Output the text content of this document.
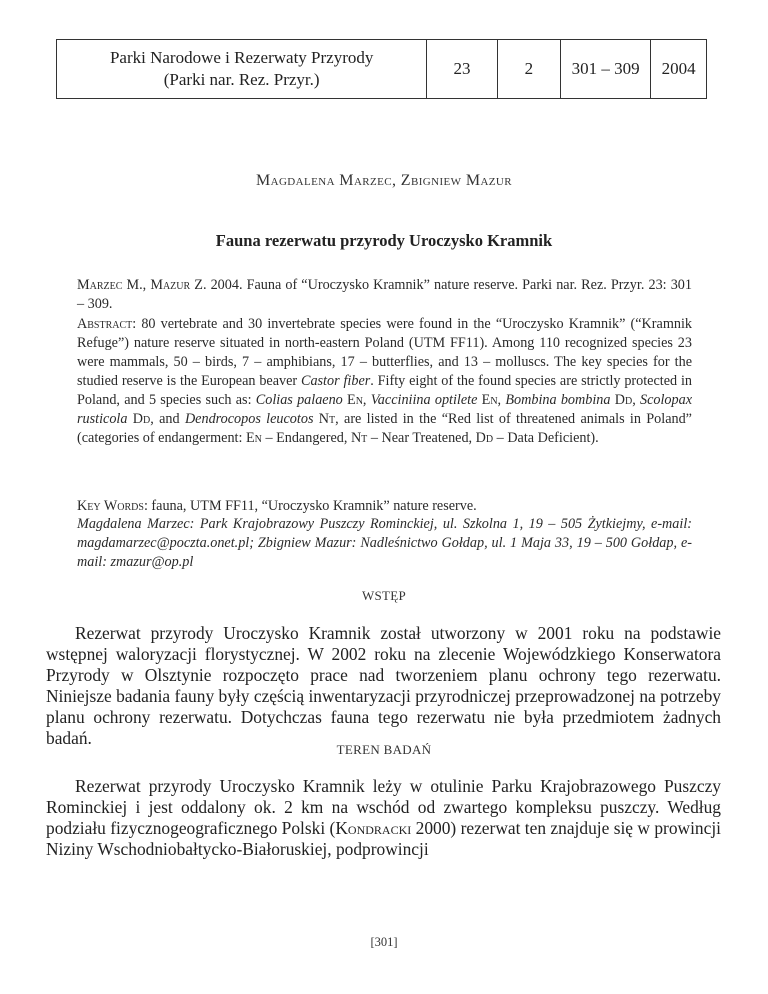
Parki Narodowe i Rezerwaty Przyrody
(Parki nar. Rez. Przyr.)
	23	2	301 – 309	2004
Magdalena Marzec, Zbigniew Mazur
Fauna rezerwatu przyrody Uroczysko Kramnik
Marzec M., Mazur Z. 2004. Fauna of “Uroczysko Kramnik” nature reserve. Parki nar. Rez. Przyr. 23: 301 – 309.
Abstract: 80 vertebrate and 30 invertebrate species were found in the “Uroczysko Kramnik” (“Kramnik Refuge”) nature reserve situated in north-eastern Poland (UTM FF11). Among 110 recognized species 23 were mammals, 50 – birds, 7 – amphibians, 17 – butterflies, and 13 – molluscs. The key species for the studied reserve is the European beaver Castor fiber. Fifty eight of the found species are strictly protected in Poland, and 5 species such as: Colias palaeno En, Vacciniina optilete En, Bombina bombina Dd, Scolopax rusticola Dd, and Dendrocopos leucotos Nt, are listed in the “Red list of threatened animals in Poland” (categories of endangerment: En – Endangered, Nt – Near Treatened, Dd – Data Deficient).
Key Words: fauna, UTM FF11, “Uroczysko Kramnik” nature reserve.
Magdalena Marzec: Park Krajobrazowy Puszczy Rominckiej, ul. Szkolna 1, 19 – 505 Żytkiejmy, e-mail: magdamarzec@poczta.onet.pl; Zbigniew Mazur: Nadleśnictwo Gołdap, ul. 1 Maja 33, 19 – 500 Gołdap, e-mail: zmazur@op.pl
WSTĘP
Rezerwat przyrody Uroczysko Kramnik został utworzony w 2001 roku na podstawie wstępnej waloryzacji florystycznej. W 2002 roku na zlecenie Wojewódzkiego Konserwatora Przyrody w Olsztynie rozpoczęto prace nad tworzeniem planu ochrony tego rezerwatu. Niniejsze badania fauny były częścią inwentaryzacji przyrodniczej przeprowadzonej na potrzeby planu ochrony rezerwatu. Dotychczas fauna tego rezerwatu nie była przedmiotem żadnych badań.
TEREN BADAŃ
Rezerwat przyrody Uroczysko Kramnik leży w otulinie Parku Krajobrazowego Puszczy Rominckiej i jest oddalony ok. 2 km na wschód od zwartego kompleksu puszczy. Według podziału fizycznogeograficznego Polski (Kondracki 2000) rezerwat ten znajduje się w prowincji Niziny Wschodniobałtycko-Białoruskiej, podprowincji
[301]
